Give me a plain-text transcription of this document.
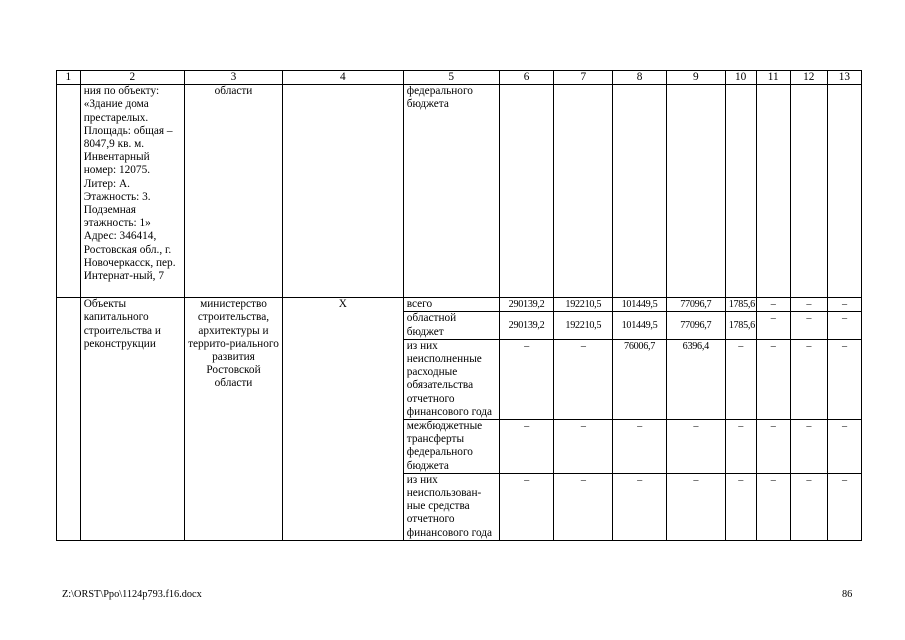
1	2	3	4	5	6	7	8	9	10	11	12	13
	ния по объекту: «Здание дома престарелых. Площадь: общая – 8047,9 кв. м. Инвентарный номер: 12075. Литер: А. Этажность: 3. Подземная этажность: 1» Адрес: 346414, Ростовская обл., г. Новочеркасск, пер. Интернат-ный, 7	области		федерального бюджета								
	Объекты капитального строительства и реконструкции	министерство строительства, архитектуры и террито-риального развития Ростовской области	Х	всего	290139,2	192210,5	101449,5	77096,7	1785,6	–	–	–
				областной бюджет	290139,2	192210,5	101449,5	77096,7	1785,6	–	–	–
				из них неисполненные расходные обязательства отчетного финансового года	–	–	76006,7	6396,4	–	–	–	–
				межбюджетные трансферты федерального бюджета	–	–	–	–	–	–	–	–
				из них неиспользован-ные средства отчетного финансового года	–	–	–	–	–	–	–	–
Z:\ORST\Ppo\1124p793.f16.docx	86
